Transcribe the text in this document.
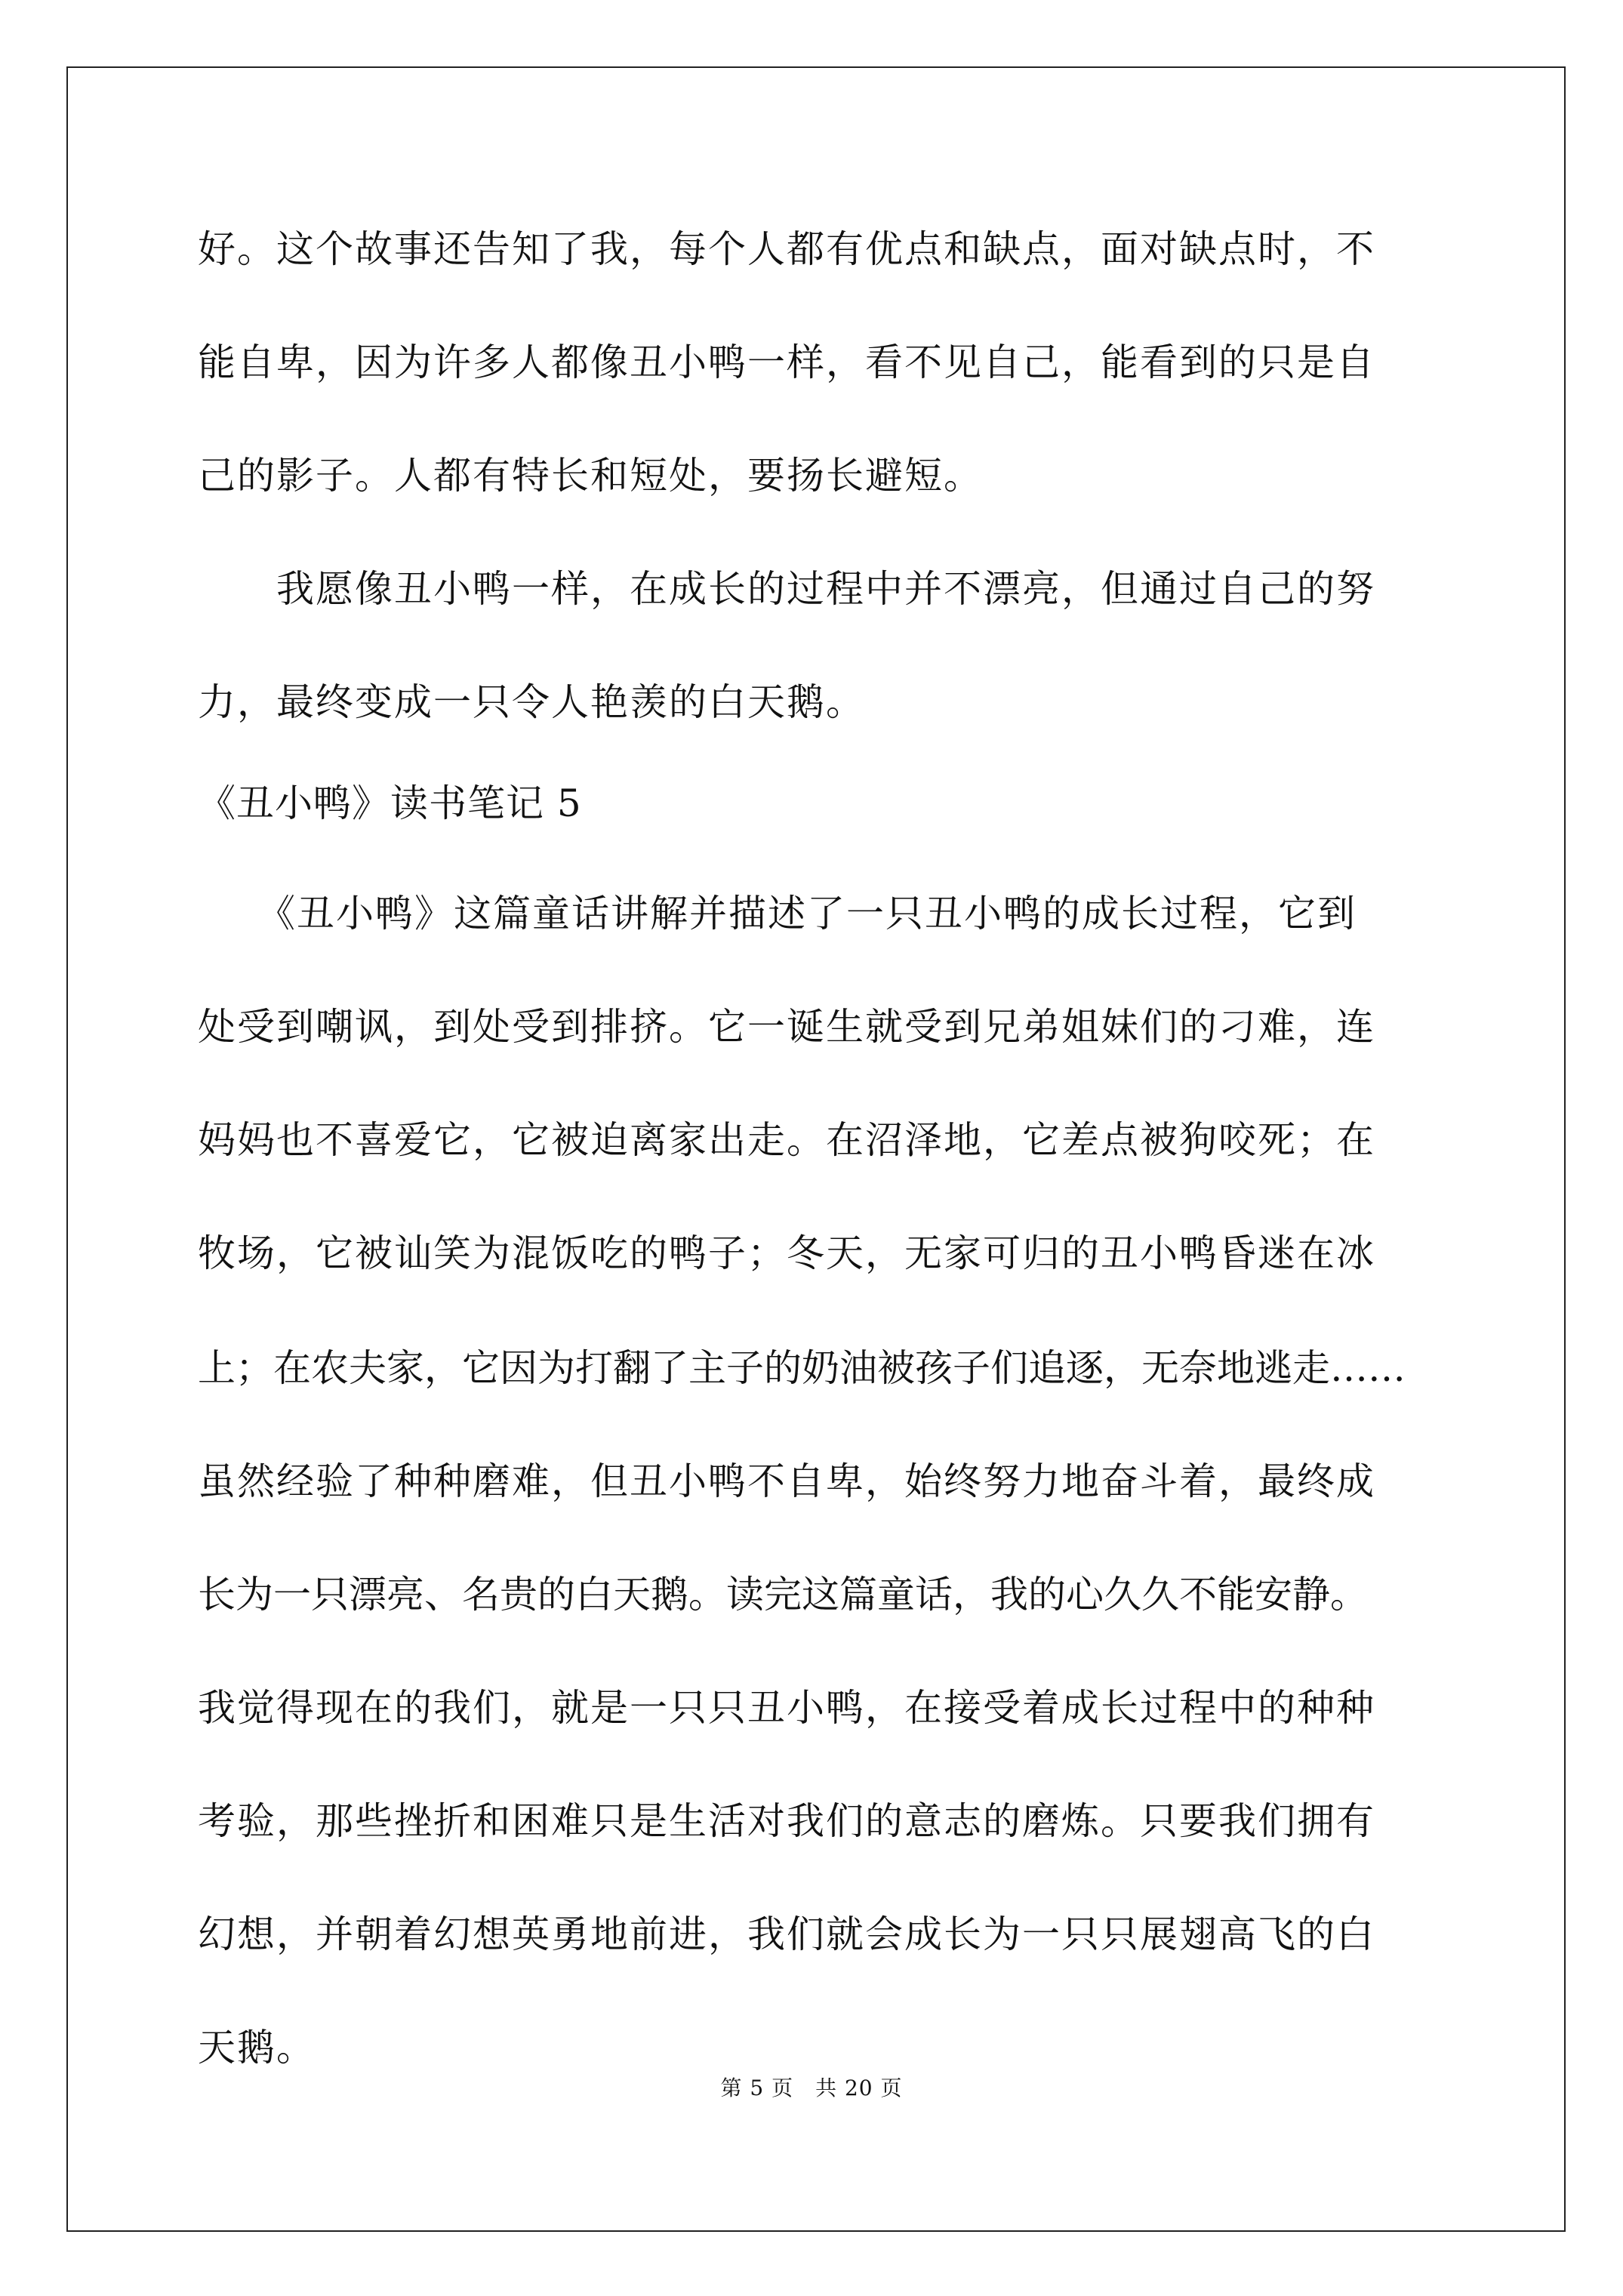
好。这个故事还告知了我，每个人都有优点和缺点，面对缺点时，不
能自卑，因为许多人都像丑小鸭一样，看不见自己，能看到的只是自
己的影子。人都有特长和短处，要扬长避短。
　　我愿像丑小鸭一样，在成长的过程中并不漂亮，但通过自己的努
力，最终变成一只令人艳羡的白天鹅。
《丑小鸭》读书笔记 5
　　《丑小鸭》这篇童话讲解并描述了一只丑小鸭的成长过程，它到
处受到嘲讽，到处受到排挤。它一诞生就受到兄弟姐妹们的刁难，连
妈妈也不喜爱它，它被迫离家出走。在沼泽地，它差点被狗咬死；在
牧场，它被讪笑为混饭吃的鸭子；冬天，无家可归的丑小鸭昏迷在冰
上；在农夫家，它因为打翻了主子的奶油被孩子们追逐，无奈地逃走……
虽然经验了种种磨难，但丑小鸭不自卑，始终努力地奋斗着，最终成
长为一只漂亮、名贵的白天鹅。读完这篇童话，我的心久久不能安静。
我觉得现在的我们，就是一只只丑小鸭，在接受着成长过程中的种种
考验，那些挫折和困难只是生活对我们的意志的磨炼。只要我们拥有
幻想，并朝着幻想英勇地前进，我们就会成长为一只只展翅高飞的白
天鹅。
第 5 页　共 20 页
